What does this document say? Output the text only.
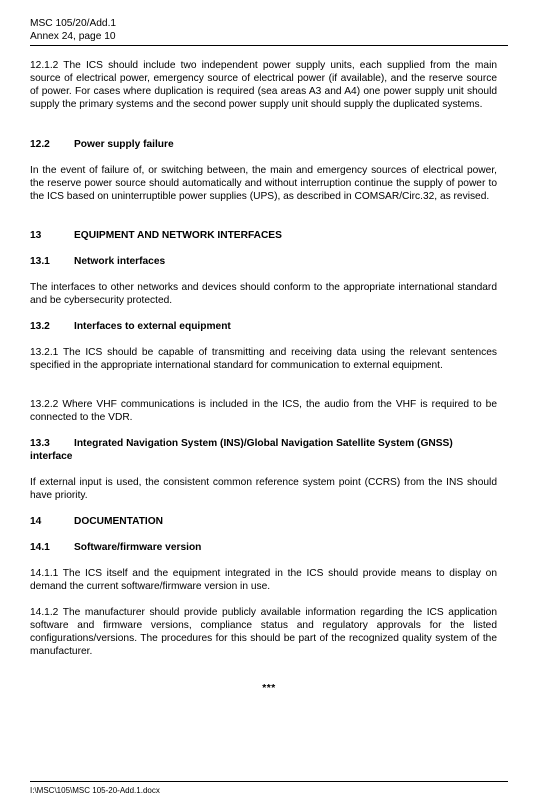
MSC 105/20/Add.1
Annex 24, page 10
12.1.2 The ICS should include two independent power supply units, each supplied from the main source of electrical power, emergency source of electrical power (if available), and the reserve source of power. For cases where duplication is required (sea areas A3 and A4) one power supply unit should supply the primary systems and the second power supply unit should supply the duplicated systems.
12.2 Power supply failure
In the event of failure of, or switching between, the main and emergency sources of electrical power, the reserve power source should automatically and without interruption continue the supply of power to the ICS based on uninterruptible power supplies (UPS), as described in COMSAR/Circ.32, as revised.
13	EQUIPMENT AND NETWORK INTERFACES
13.1 Network interfaces
The interfaces to other networks and devices should conform to the appropriate international standard and be cybersecurity protected.
13.2 Interfaces to external equipment
13.2.1 The ICS should be capable of transmitting and receiving data using the relevant sentences specified in the appropriate international standard for communication to external equipment.
13.2.2 Where VHF communications is included in the ICS, the audio from the VHF is required to be connected to the VDR.
13.3 Integrated Navigation System (INS)/Global Navigation Satellite System (GNSS) interface
If external input is used, the consistent common reference system point (CCRS) from the INS should have priority.
14	DOCUMENTATION
14.1 Software/firmware version
14.1.1 The ICS itself and the equipment integrated in the ICS should provide means to display on demand the current software/firmware version in use.
14.1.2 The manufacturer should provide publicly available information regarding the ICS application software and firmware versions, compliance status and regulatory approvals for the listed configurations/versions. The procedures for this should be part of the recognized quality system of the manufacturer.
***
I:\MSC\105\MSC 105-20-Add.1.docx
